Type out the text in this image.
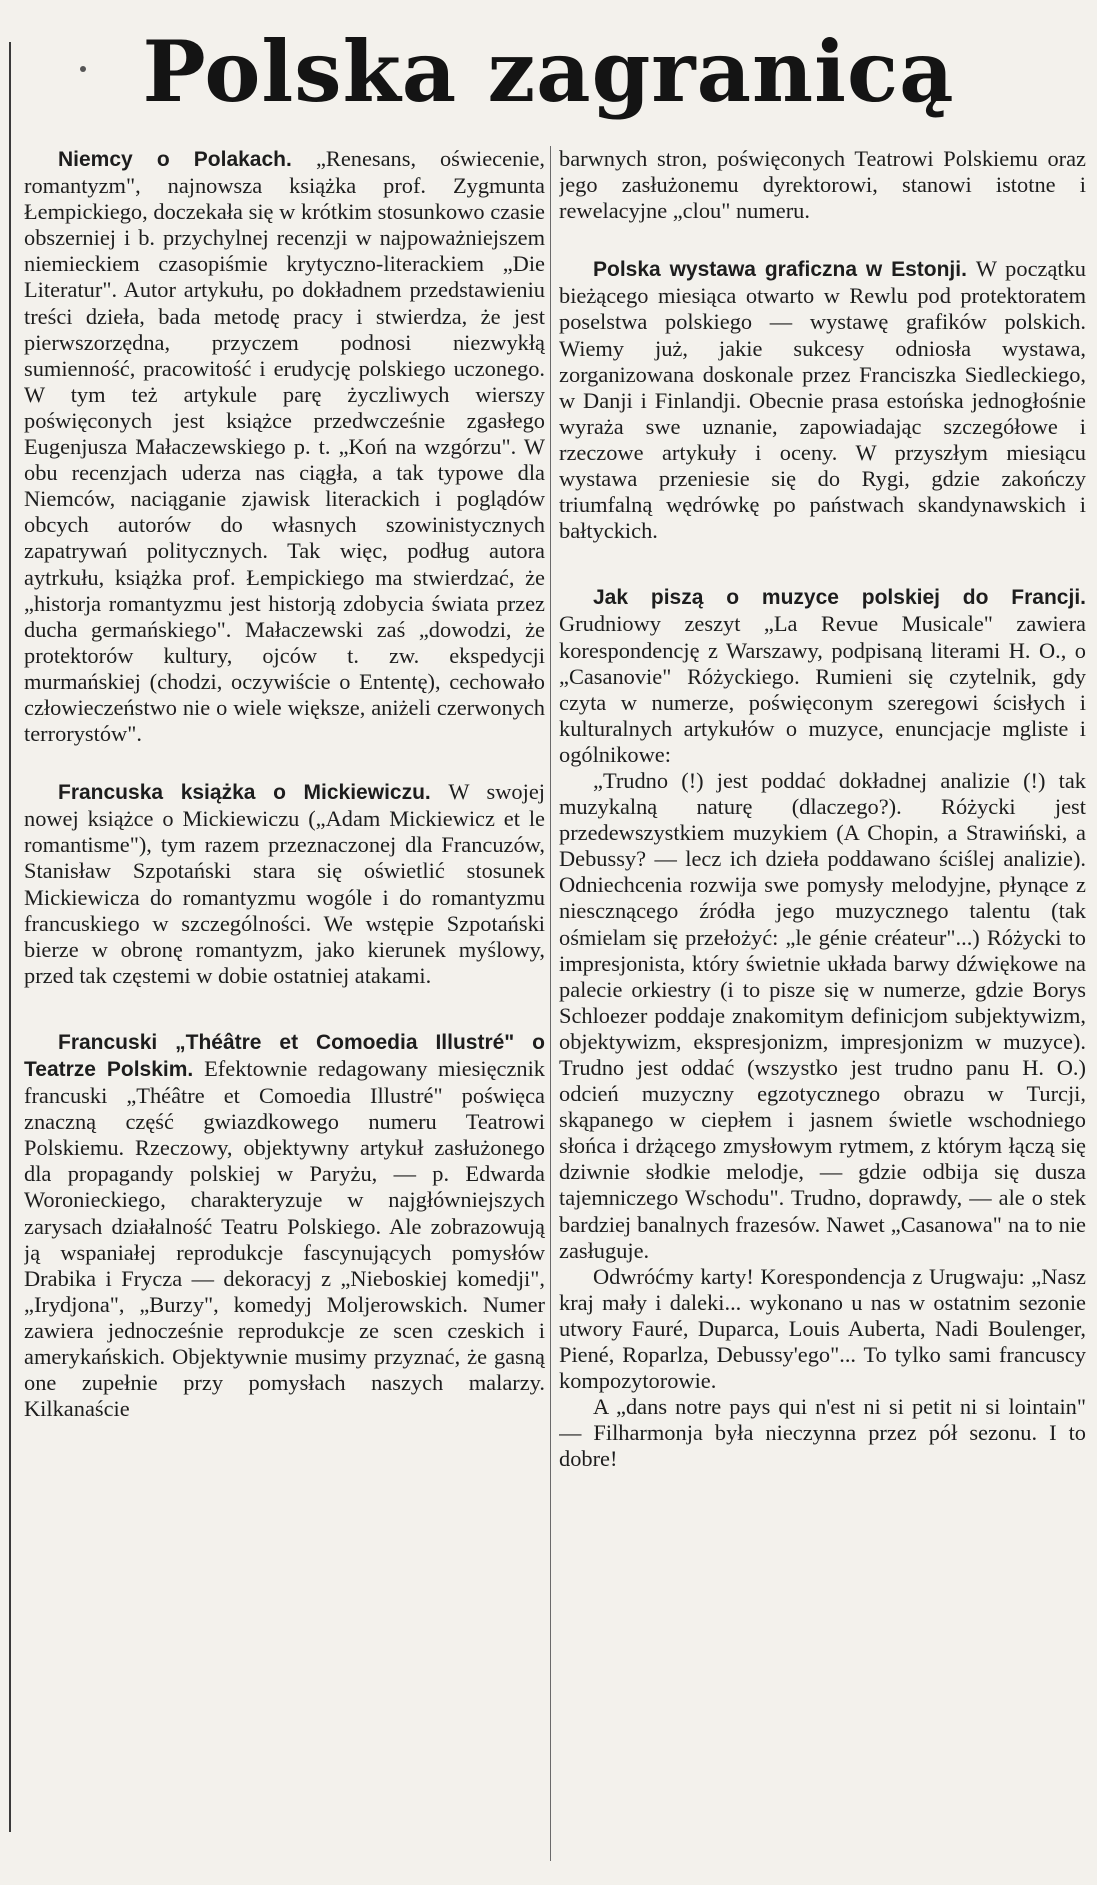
Polska zagranicą

Niemcy o Polakach. „Renesans, oświecenie, romantyzm", najnowsza książka prof. Zygmunta Łempickiego, doczekała się w krótkim stosunkowo czasie obszerniej i b. przychylnej recenzji w najpoważniejszem niemieckiem czasopiśmie krytyczno-literackiem „Die Literatur". Autor artykułu, po dokładnem przedstawieniu treści dzieła, bada metodę pracy i stwierdza, że jest pierwszorzędna, przyczem podnosi niezwykłą sumienność, pracowitość i erudycję polskiego uczonego. W tym też artykule parę życzliwych wierszy poświęconych jest książce przedwcześnie zgasłego Eugenjusza Małaczewskiego p. t. „Koń na wzgórzu". W obu recenzjach uderza nas ciągła, a tak typowe dla Niemców, naciąganie zjawisk literackich i poglądów obcych autorów do własnych szowinistycznych zapatrywań politycznych. Tak więc, podług autora aytrkułu, książka prof. Łempickiego ma stwierdzać, że „historja romantyzmu jest historją zdobycia świata przez ducha germańskiego". Małaczewski zaś „dowodzi, że protektorów kultury, ojców t. zw. ekspedycji murmańskiej (chodzi, oczywiście o Ententę), cechowało człowieczeństwo nie o wiele większe, aniżeli czerwonych terrorystów".

Francuska książka o Mickiewiczu. W swojej nowej książce o Mickiewiczu („Adam Mickiewicz et le romantisme"), tym razem przeznaczonej dla Francuzów, Stanisław Szpotański stara się oświetlić stosunek Mickiewicza do romantyzmu wogóle i do romantyzmu francuskiego w szczególności. We wstępie Szpotański bierze w obronę romantyzm, jako kierunek myślowy, przed tak częstemi w dobie ostatniej atakami.

Francuski „Théâtre et Comoedia Illustré" o Teatrze Polskim. Efektownie redagowany miesięcznik francuski „Théâtre et Comoedia Illustré" poświęca znaczną część gwiazdkowego numeru Teatrowi Polskiemu. Rzeczowy, objektywny artykuł zasłużonego dla propagandy polskiej w Paryżu, — p. Edwarda Woronieckiego, charakteryzuje w najgłówniejszych zarysach działalność Teatru Polskiego. Ale zobrazowują ją wspaniałej reprodukcje fascynujących pomysłów Drabika i Frycza — dekoracyj z „Nieboskiej komedji", „Irydjona", „Burzy", komedyj Moljerowskich. Numer zawiera jednocześnie reprodukcje ze scen czeskich i amerykańskich. Objektywnie musimy przyznać, że gasną one zupełnie przy pomysłach naszych malarzy. Kilkanaście

barwnych stron, poświęconych Teatrowi Polskiemu oraz jego zasłużonemu dyrektorowi, stanowi istotne i rewelacyjne „clou" numeru.

Polska wystawa graficzna w Estonji. W początku bieżącego miesiąca otwarto w Rewlu pod protektoratem poselstwa polskiego — wystawę grafików polskich. Wiemy już, jakie sukcesy odniosła wystawa, zorganizowana doskonale przez Franciszka Siedleckiego, w Danji i Finlandji. Obecnie prasa estońska jednogłośnie wyraża swe uznanie, zapowiadając szczegółowe i rzeczowe artykuły i oceny. W przyszłym miesiącu wystawa przeniesie się do Rygi, gdzie zakończy triumfalną wędrówkę po państwach skandynawskich i bałtyckich.

Jak piszą o muzyce polskiej do Francji. Grudniowy zeszyt „La Revue Musicale" zawiera korespondencję z Warszawy, podpisaną literami H. O., o „Casanovie" Różyckiego. Rumieni się czytelnik, gdy czyta w numerze, poświęconym szeregowi ścisłych i kulturalnych artykułów o muzyce, enuncjacje mgliste i ogólnikowe:

„Trudno (!) jest poddać dokładnej analizie (!) tak muzykalną naturę (dlaczego?). Różycki jest przedewszystkiem muzykiem (A Chopin, a Strawiński, a Debussy? — lecz ich dzieła poddawano ściślej analizie). Odniechcenia rozwija swe pomysły melodyjne, płynące z niescznącego źródła jego muzycznego talentu (tak ośmielam się przełożyć: „le génie créateur"...) Różycki to impresjonista, który świetnie układa barwy dźwiękowe na palecie orkiestry (i to pisze się w numerze, gdzie Borys Schloezer poddaje znakomitym definicjom subjektywizm, objektywizm, ekspresjonizm, impresjonizm w muzyce). Trudno jest oddać (wszystko jest trudno panu H. O.) odcień muzyczny egzotycznego obrazu w Turcji, skąpanego w ciepłem i jasnem świetle wschodniego słońca i drżącego zmysłowym rytmem, z którym łączą się dziwnie słodkie melodje, — gdzie odbija się dusza tajemniczego Wschodu". Trudno, doprawdy, — ale o stek bardziej banalnych frazesów. Nawet „Casanowa" na to nie zasługuje.

Odwróćmy karty! Korespondencja z Urugwaju: „Nasz kraj mały i daleki... wykonano u nas w ostatnim sezonie utwory Fauré, Duparca, Louis Auberta, Nadi Boulenger, Piené, Roparlza, Debussy'ego"... To tylko sami francuscy kompozytorowie.

A „dans notre pays qui n'est ni si petit ni si lointain" — Filharmonja była nieczynna przez pół sezonu. I to dobre!
